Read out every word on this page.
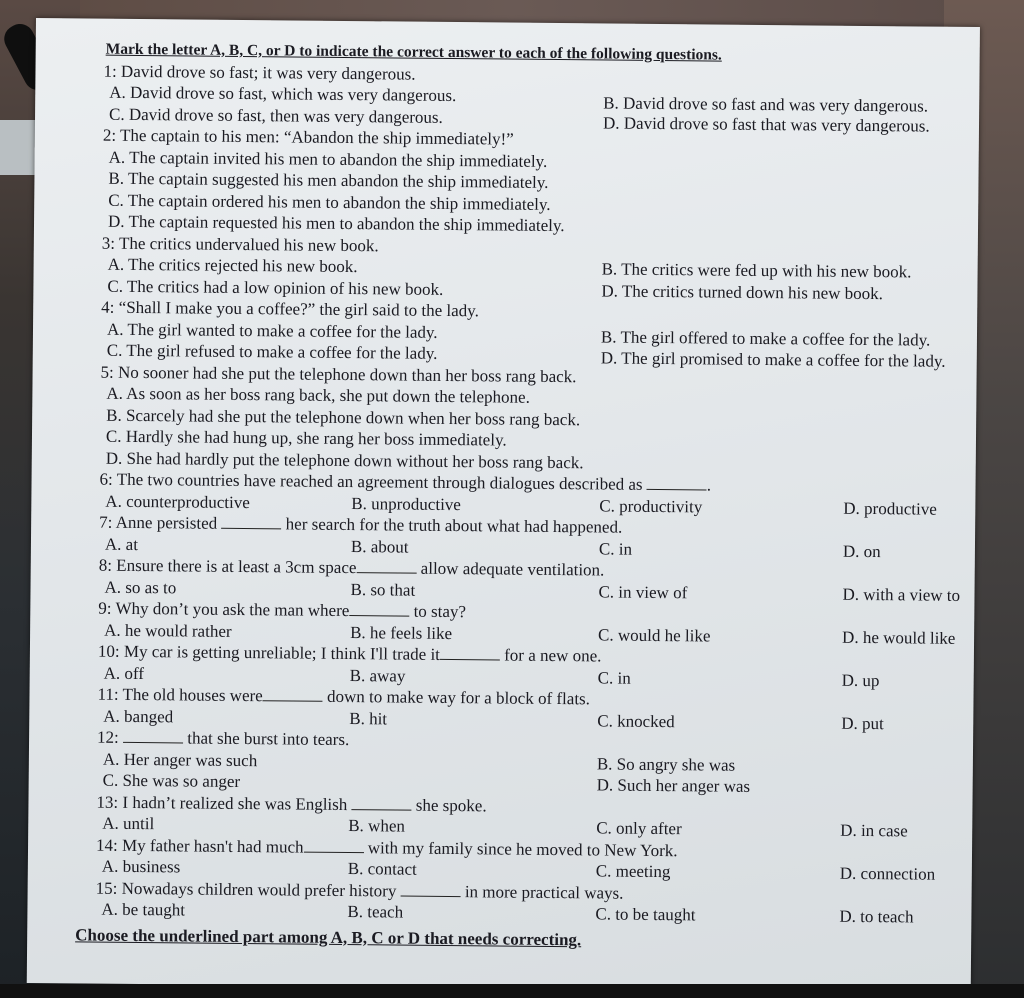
Mark the letter A, B, C, or D to indicate the correct answer to each of the following questions.
1: David drove so fast; it was very dangerous.
A. David drove so fast, which was very dangerous.	B. David drove so fast and was very dangerous.
C. David drove so fast, then was very dangerous.	D. David drove so fast that was very dangerous.
2: The captain to his men: “Abandon the ship immediately!”
A. The captain invited his men to abandon the ship immediately.
B. The captain suggested his men abandon the ship immediately.
C. The captain ordered his men to abandon the ship immediately.
D. The captain requested his men to abandon the ship immediately.
3: The critics undervalued his new book.
A. The critics rejected his new book.	B. The critics were fed up with his new book.
C. The critics had a low opinion of his new book.	D. The critics turned down his new book.
4: “Shall I make you a coffee?” the girl said to the lady.
A. The girl wanted to make a coffee for the lady.	B. The girl offered to make a coffee for the lady.
C. The girl refused to make a coffee for the lady.	D. The girl promised to make a coffee for the lady.
5: No sooner had she put the telephone down than her boss rang back.
A. As soon as her boss rang back, she put down the telephone.
B. Scarcely had she put the telephone down when her boss rang back.
C. Hardly she had hung up, she rang her boss immediately.
D. She had hardly put the telephone down without her boss rang back.
6: The two countries have reached an agreement through dialogues described as	.
A. counterproductive	B. unproductive	C. productivity	D. productive
7: Anne persisted	her search for the truth about what had happened.
A. at	B. about	C. in	D. on
8: Ensure there is at least a 3cm space	allow adequate ventilation.
A. so as to	B. so that	C. in view of	D. with a view to
9: Why don’t you ask the man where	to stay?
A. he would rather	B. he feels like	C. would he like	D. he would like
10: My car is getting unreliable; I think I'll trade it	for a new one.
A. off	B. away	C. in	D. up
11: The old houses were	down to make way for a block of flats.
A. banged	B. hit	C. knocked	D. put
12:	that she burst into tears.
A. Her anger was such	B. So angry she was
C. She was so anger	D. Such her anger was
13: I hadn’t realized she was English	she spoke.
A. until	B. when	C. only after	D. in case
14: My father hasn't had much	with my family since he moved to New York.
A. business	B. contact	C. meeting	D. connection
15: Nowadays children would prefer history	in more practical ways.
A. be taught	B. teach	C. to be taught	D. to teach
Choose the underlined part among A, B, C or D that needs correcting.
